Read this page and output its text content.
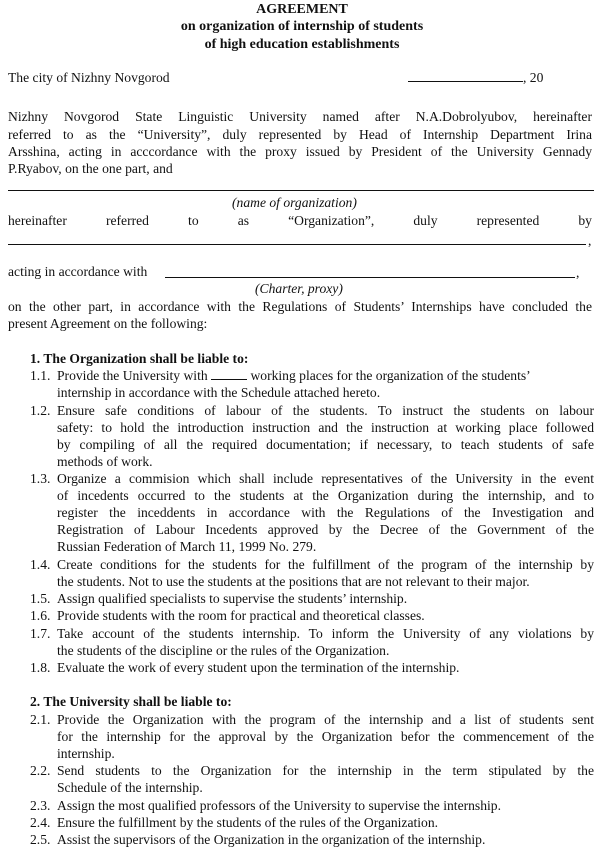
AGREEMENT
on organization of internship of students
of high education establishments
The city of Nizhny Novgorod	, 20
Nizhny Novgorod State Linguistic University named after N.A.Dobrolyubov, hereinafter
referred to as the “University”, duly represented by Head of Internship Department Irina
Arsshina, acting in acccordance with the proxy issued by President of the University Gennady
P.Ryabov, on the one part, and
(name of organization)
hereinafter	referred	to	as	“Organization”,	duly	represented	by
,
acting in accordance with	,
(Charter, proxy)
on the other part, in accordance with the Regulations of Students’ Internships have concluded the
present Agreement on the following:
1. The Organization shall be liable to:
1.1. Provide the University with	working places for the organization of the students’
internship in accordance with the Schedule attached hereto.
1.2. Ensure safe conditions of labour of the students. To instruct the students on labour
safety: to hold the introduction instruction and the instruction at working place followed
by compiling of all the required documentation; if necessary, to teach students of safe
methods of work.
1.3. Organize a commision which shall include representatives of the University in the event
of incedents occurred to the students at the Organization during the internship, and to
register the inceddents in accordance with the Regulations of the Investigation and
Registration of Labour Incedents approved by the Decree of the Government of the
Russian Federation of March 11, 1999 No. 279.
1.4. Create conditions for the students for the fulfillment of the program of the internship by
the students. Not to use the students at the positions that are not relevant to their major.
1.5. Assign qualified specialists to supervise the students’ internship.
1.6. Provide students with the room for practical and theoretical classes.
1.7. Take account of the students internship. To inform the University of any violations by
the students of the discipline or the rules of the Organization.
1.8. Evaluate the work of every student upon the termination of the internship.
2. The University shall be liable to:
2.1. Provide the Organization with the program of the internship and a list of students sent
for the internship for the approval by the Organization befor the commencement of the
internship.
2.2. Send students to the Organization for the internship in the term stipulated by the
Schedule of the internship.
2.3. Assign the most qualified professors of the University to supervise the internship.
2.4. Ensure the fulfillment by the students of the rules of the Organization.
2.5. Assist the supervisors of the Organization in the organization of the internship.
